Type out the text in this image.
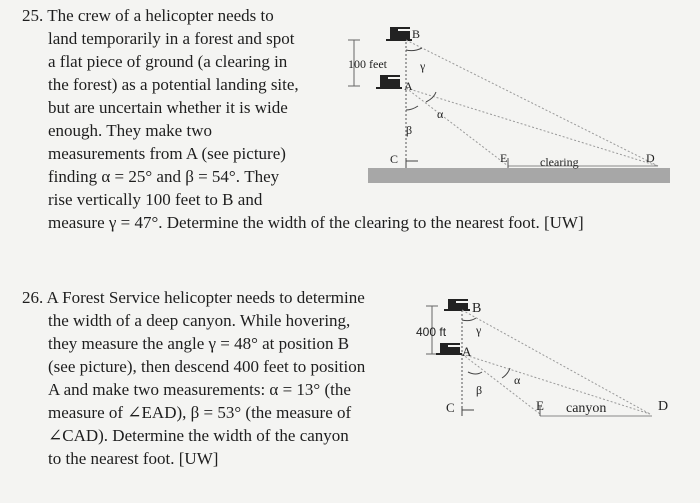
25. The crew of a helicopter needs to
land temporarily in a forest and spot
a flat piece of ground (a clearing in
the forest) as a potential landing site,
but are uncertain whether it is wide
enough. They make two
measurements from A (see picture)
finding α = 25° and β = 54°. They
rise vertically 100 feet to B and
measure γ = 47°. Determine the width of the clearing to the nearest foot. [UW]
B
A
100 feet	γ
α
β
C	E	clearing	D
26. A Forest Service helicopter needs to determine
the width of a deep canyon. While hovering,
they measure the angle γ = 48° at position B
(see picture), then descend 400 feet to position
A and make two measurements: α = 13° (the
measure of ∠EAD), β = 53° (the measure of
∠CAD). Determine the width of the canyon
to the nearest foot. [UW]
B
A
400 ft γ
α
β
C	E canyon	D
